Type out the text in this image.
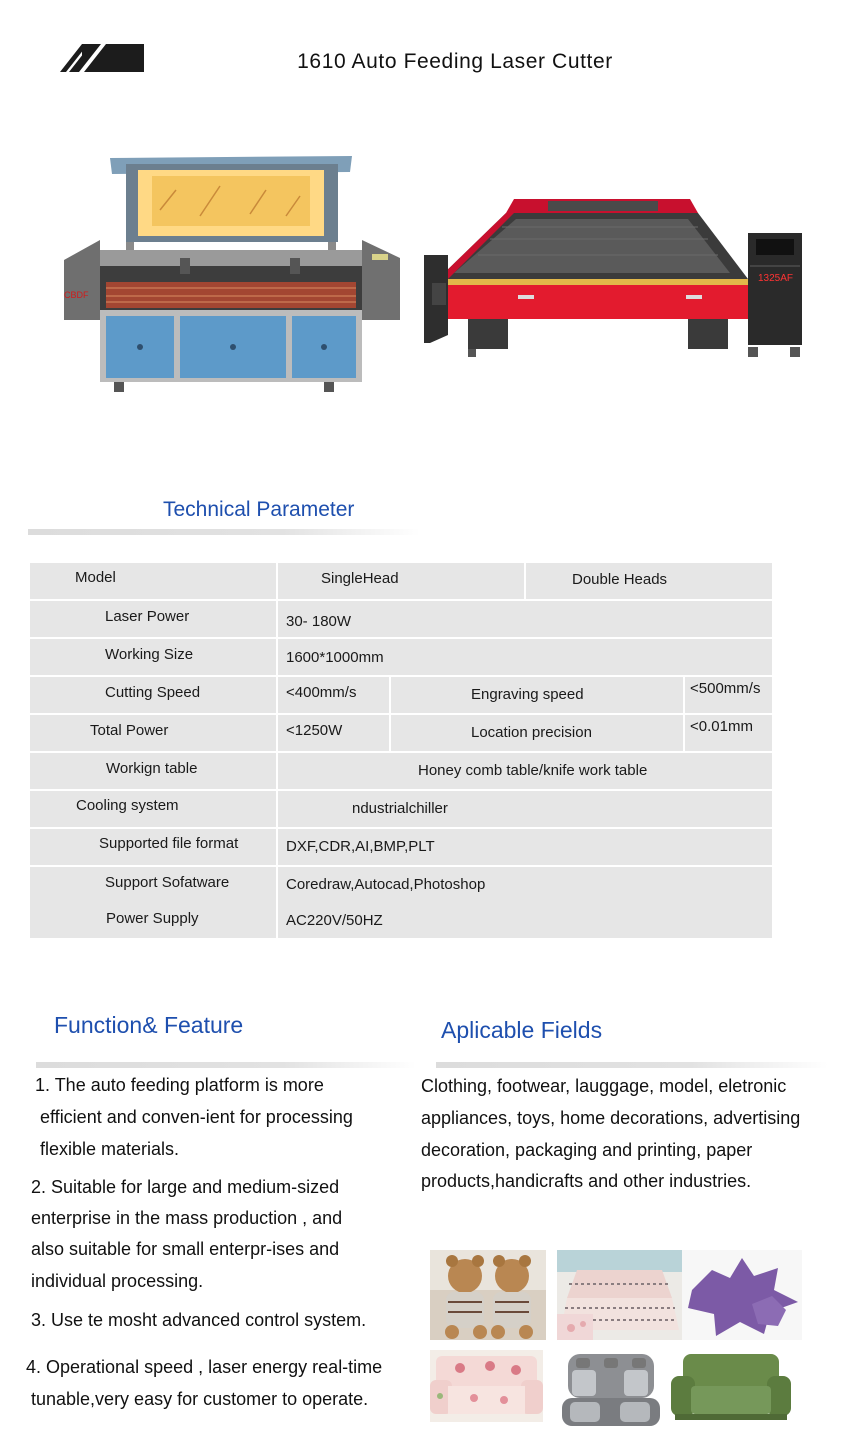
1610 Auto Feeding Laser Cutter
CBDF
1325AF
Technical Parameter
Model	SingleHead	Double Heads
Laser Power	30- 180W
Working Size	1600*1000mm
Cutting Speed	<400mm/s	Engraving speed	<500mm/s
Total Power	<1250W	Location precision	<0.01mm
Workign table	Honey comb table/knife work table
Cooling system	ndustrialchiller
Supported file format	DXF,CDR,AI,BMP,PLT
Support Sofatware	Coredraw,Autocad,Photoshop
Power Supply	AC220V/50HZ
Function& Feature
1. The auto feeding platform is more
efficient and conven-ient for processing
flexible materials.
2. Suitable for large and medium-sized
enterprise in the mass production , and
also suitable for small enterpr-ises and
individual processing.
3. Use te mosht advanced control system.
4. Operational speed , laser energy real-time
tunable,very easy for customer to operate.
Aplicable Fields
Clothing, footwear, lauggage, model, eletronic
appliances, toys, home decorations, advertising
decoration, packaging and printing, paper
products,handicrafts and other industries.
